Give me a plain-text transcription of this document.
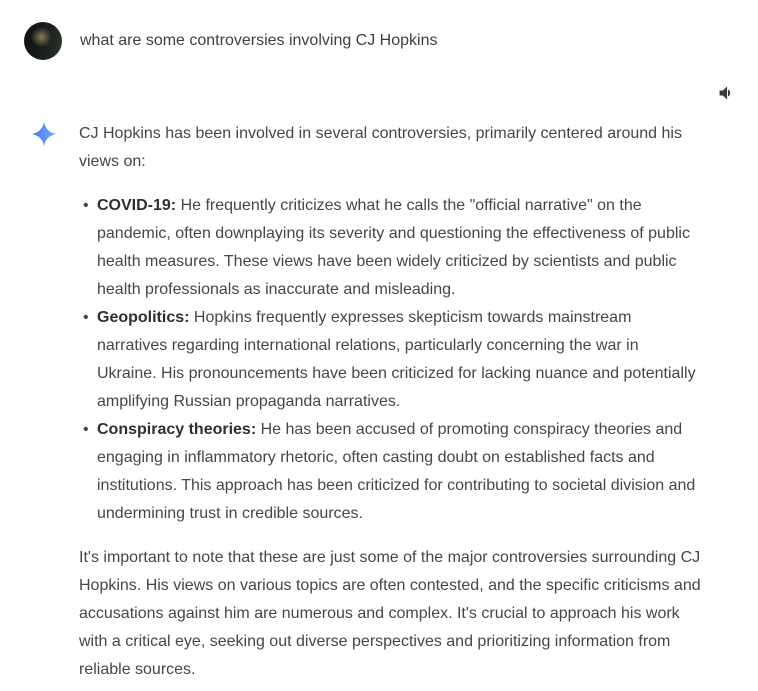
what are some controversies involving CJ Hopkins

CJ Hopkins has been involved in several controversies, primarily centered around his views on:

• COVID-19: He frequently criticizes what he calls the "official narrative" on the pandemic, often downplaying its severity and questioning the effectiveness of public health measures. These views have been widely criticized by scientists and public health professionals as inaccurate and misleading.
• Geopolitics: Hopkins frequently expresses skepticism towards mainstream narratives regarding international relations, particularly concerning the war in Ukraine. His pronouncements have been criticized for lacking nuance and potentially amplifying Russian propaganda narratives.
• Conspiracy theories: He has been accused of promoting conspiracy theories and engaging in inflammatory rhetoric, often casting doubt on established facts and institutions. This approach has been criticized for contributing to societal division and undermining trust in credible sources.

It's important to note that these are just some of the major controversies surrounding CJ Hopkins. His views on various topics are often contested, and the specific criticisms and accusations against him are numerous and complex. It's crucial to approach his work with a critical eye, seeking out diverse perspectives and prioritizing information from reliable sources.
